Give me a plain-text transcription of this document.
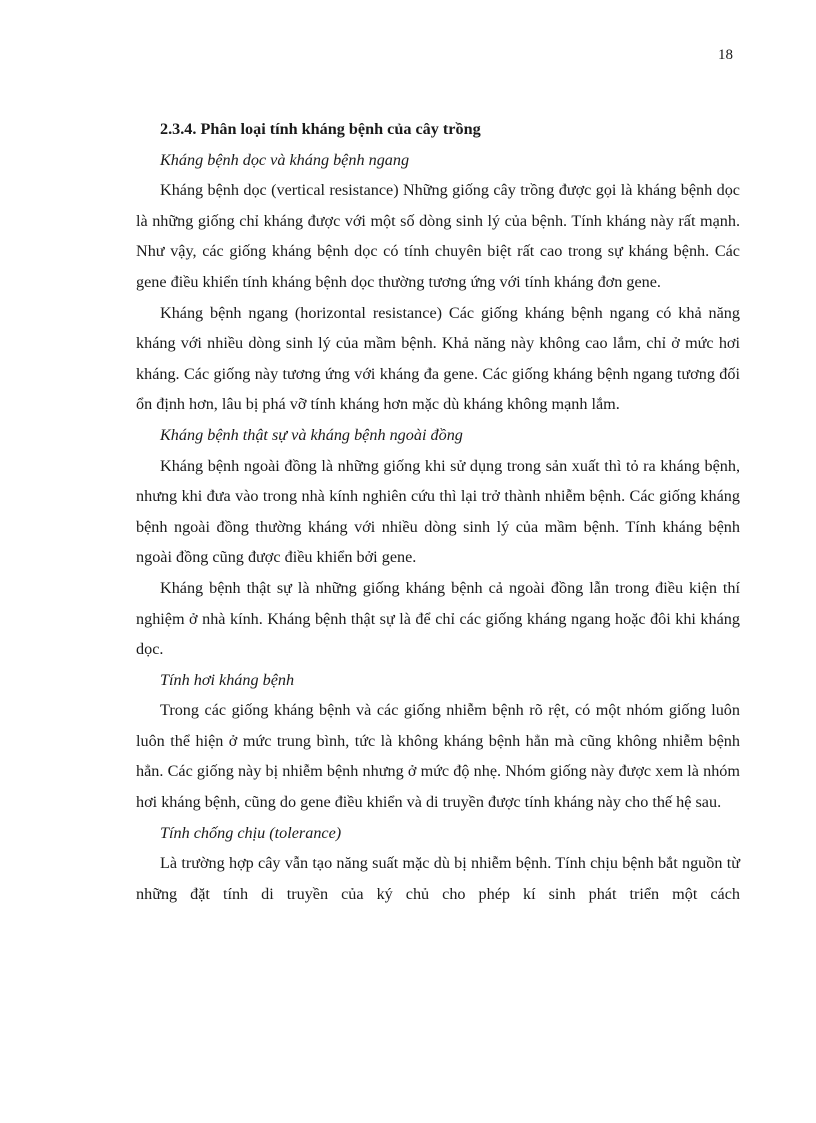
18

2.3.4. Phân loại tính kháng bệnh của cây trồng

Kháng bệnh dọc và kháng bệnh ngang

Kháng bệnh dọc (vertical resistance) Những giống cây trồng được gọi là kháng bệnh dọc là những giống chỉ kháng được với một số dòng sinh lý của bệnh. Tính kháng này rất mạnh. Như vậy, các giống kháng bệnh dọc có tính chuyên biệt rất cao trong sự kháng bệnh. Các gene điều khiển tính kháng bệnh dọc thường tương ứng với tính kháng đơn gene.

Kháng bệnh ngang (horizontal resistance) Các giống kháng bệnh ngang có khả năng kháng với nhiều dòng sinh lý của mầm bệnh. Khả năng này không cao lắm, chỉ ở mức hơi kháng. Các giống này tương ứng với kháng đa gene. Các giống kháng bệnh ngang tương đối ổn định hơn, lâu bị phá vỡ tính kháng hơn mặc dù kháng không mạnh lắm.

Kháng bệnh thật sự và kháng bệnh ngoài đồng

Kháng bệnh ngoài đồng là những giống khi sử dụng trong sản xuất thì tỏ ra kháng bệnh, nhưng khi đưa vào trong nhà kính nghiên cứu thì lại trở thành nhiễm bệnh. Các giống kháng bệnh ngoài đồng thường kháng với nhiều dòng sinh lý của mầm bệnh. Tính kháng bệnh ngoài đồng cũng được điều khiển bởi gene.

Kháng bệnh thật sự là những giống kháng bệnh cả ngoài đồng lẫn trong điều kiện thí nghiệm ở nhà kính. Kháng bệnh thật sự là để chỉ các giống kháng ngang hoặc đôi khi kháng dọc.

Tính hơi kháng bệnh

Trong các giống kháng bệnh và các giống nhiễm bệnh rõ rệt, có một nhóm giống luôn luôn thể hiện ở mức trung bình, tức là không kháng bệnh hẳn mà cũng không nhiễm bệnh hẳn. Các giống này bị nhiễm bệnh nhưng ở mức độ nhẹ. Nhóm giống này được xem là nhóm hơi kháng bệnh, cũng do gene điều khiển và di truyền được tính kháng này cho thế hệ sau.

Tính chống chịu (tolerance)

Là trường hợp cây vẫn tạo năng suất mặc dù bị nhiễm bệnh. Tính chịu bệnh bắt nguồn từ những đặt tính di truyền của ký chủ cho phép kí sinh phát triển một cách
